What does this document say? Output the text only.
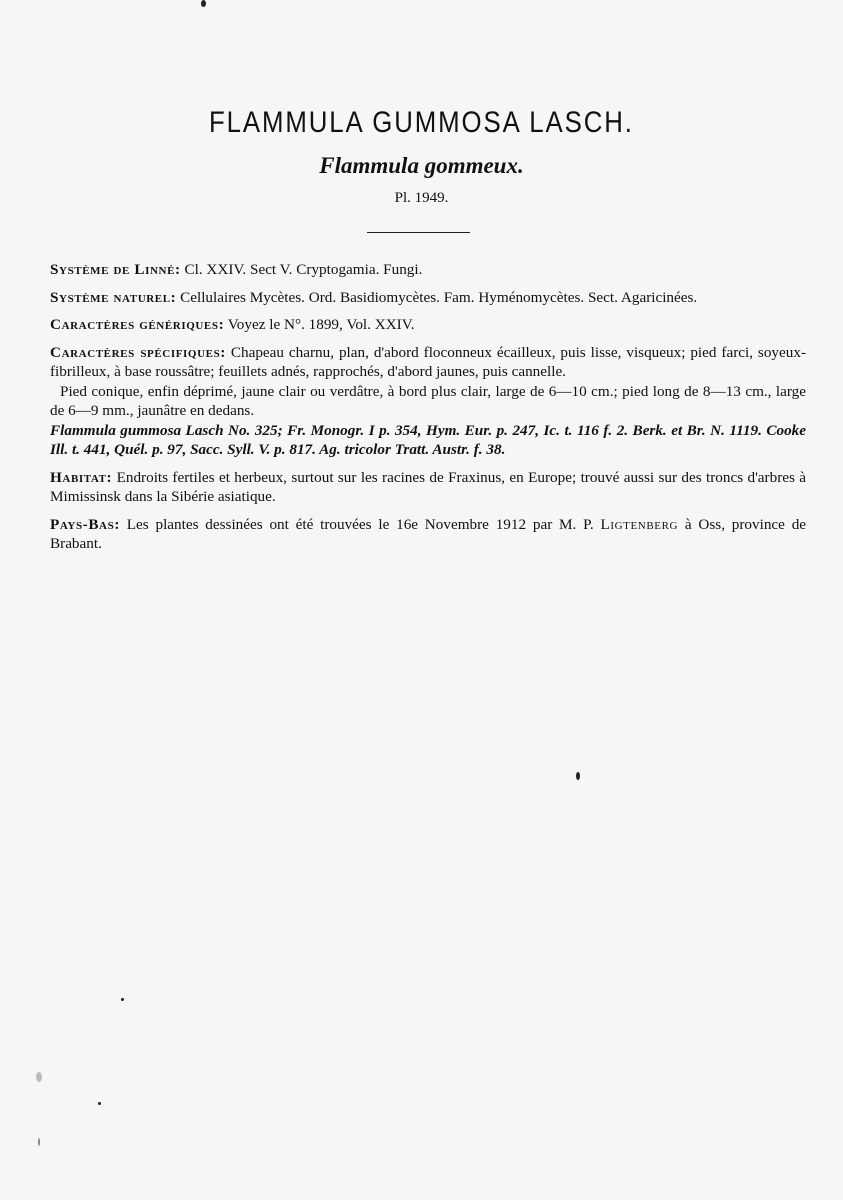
FLAMMULA GUMMOSA LASCH.
Flammula gommeux.
Pl. 1949.

Système de Linné: Cl. XXIV. Sect V. Cryptogamia. Fungi.

Système naturel: Cellulaires Mycètes. Ord. Basidiomycètes. Fam. Hyménomycètes. Sect. Agaricinées.

Caractères génériques: Voyez le N°. 1899, Vol. XXIV.

Caractères spécifiques: Chapeau charnu, plan, d'abord floconneux écailleux, puis lisse, visqueux; pied farci, soyeux-fibrilleux, à base roussâtre; feuillets adnés, rapprochés, d'abord jaunes, puis cannelle.

Pied conique, enfin déprimé, jaune clair ou verdâtre, à bord plus clair, large de 6—10 cm.; pied long de 8—13 cm., large de 6—9 mm., jaunâtre en dedans.

Flammula gummosa Lasch No. 325; Fr. Monogr. I p. 354, Hym. Eur. p. 247, Ic. t. 116 f. 2. Berk. et Br. N. 1119. Cooke Ill. t. 441, Quél. p. 97, Sacc. Syll. V. p. 817. Ag. tricolor Tratt. Austr. f. 38.

Habitat: Endroits fertiles et herbeux, surtout sur les racines de Fraxinus, en Europe; trouvé aussi sur des troncs d'arbres à Mimissinsk dans la Sibérie asiatique.

Pays-Bas: Les plantes dessinées ont été trouvées le 16e Novembre 1912 par M. P. Ligtenberg à Oss, province de Brabant.
